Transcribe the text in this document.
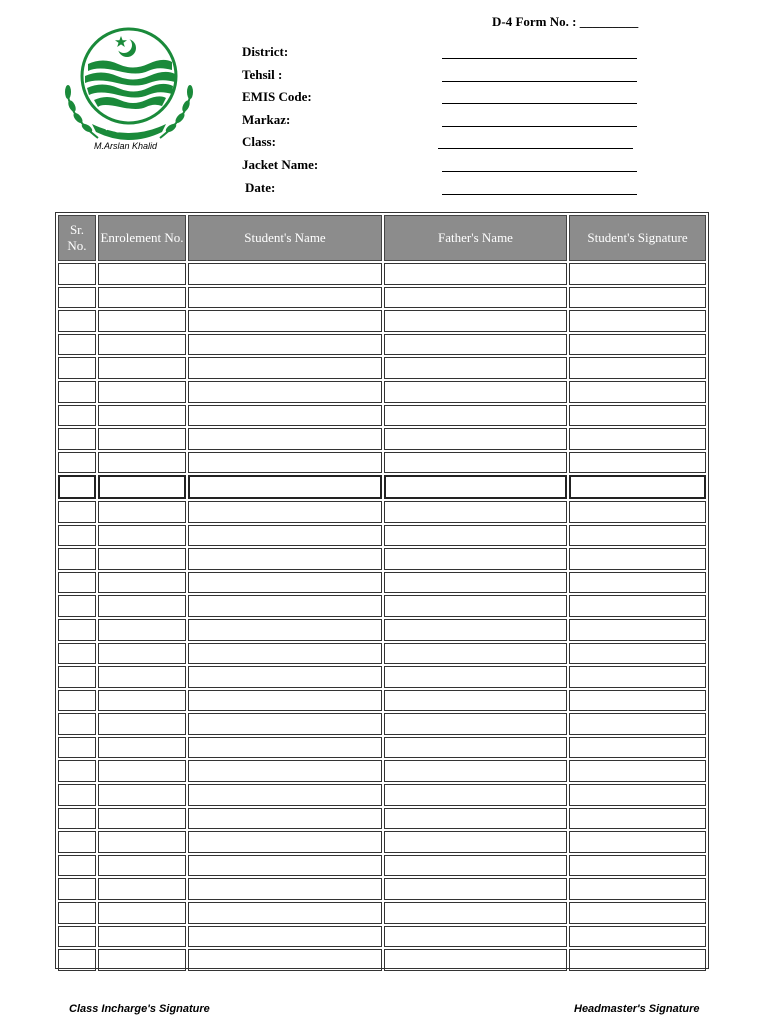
D-4 Form No. : _________
M.Arslan Khalid
District:
Tehsil :
EMIS Code:
Markaz:
Class:
Jacket Name:
Date:
Sr. No.	Enrolement No.	Student's Name	Father's Name	Student's Signature

Class Incharge's Signature	Headmaster's Signature
